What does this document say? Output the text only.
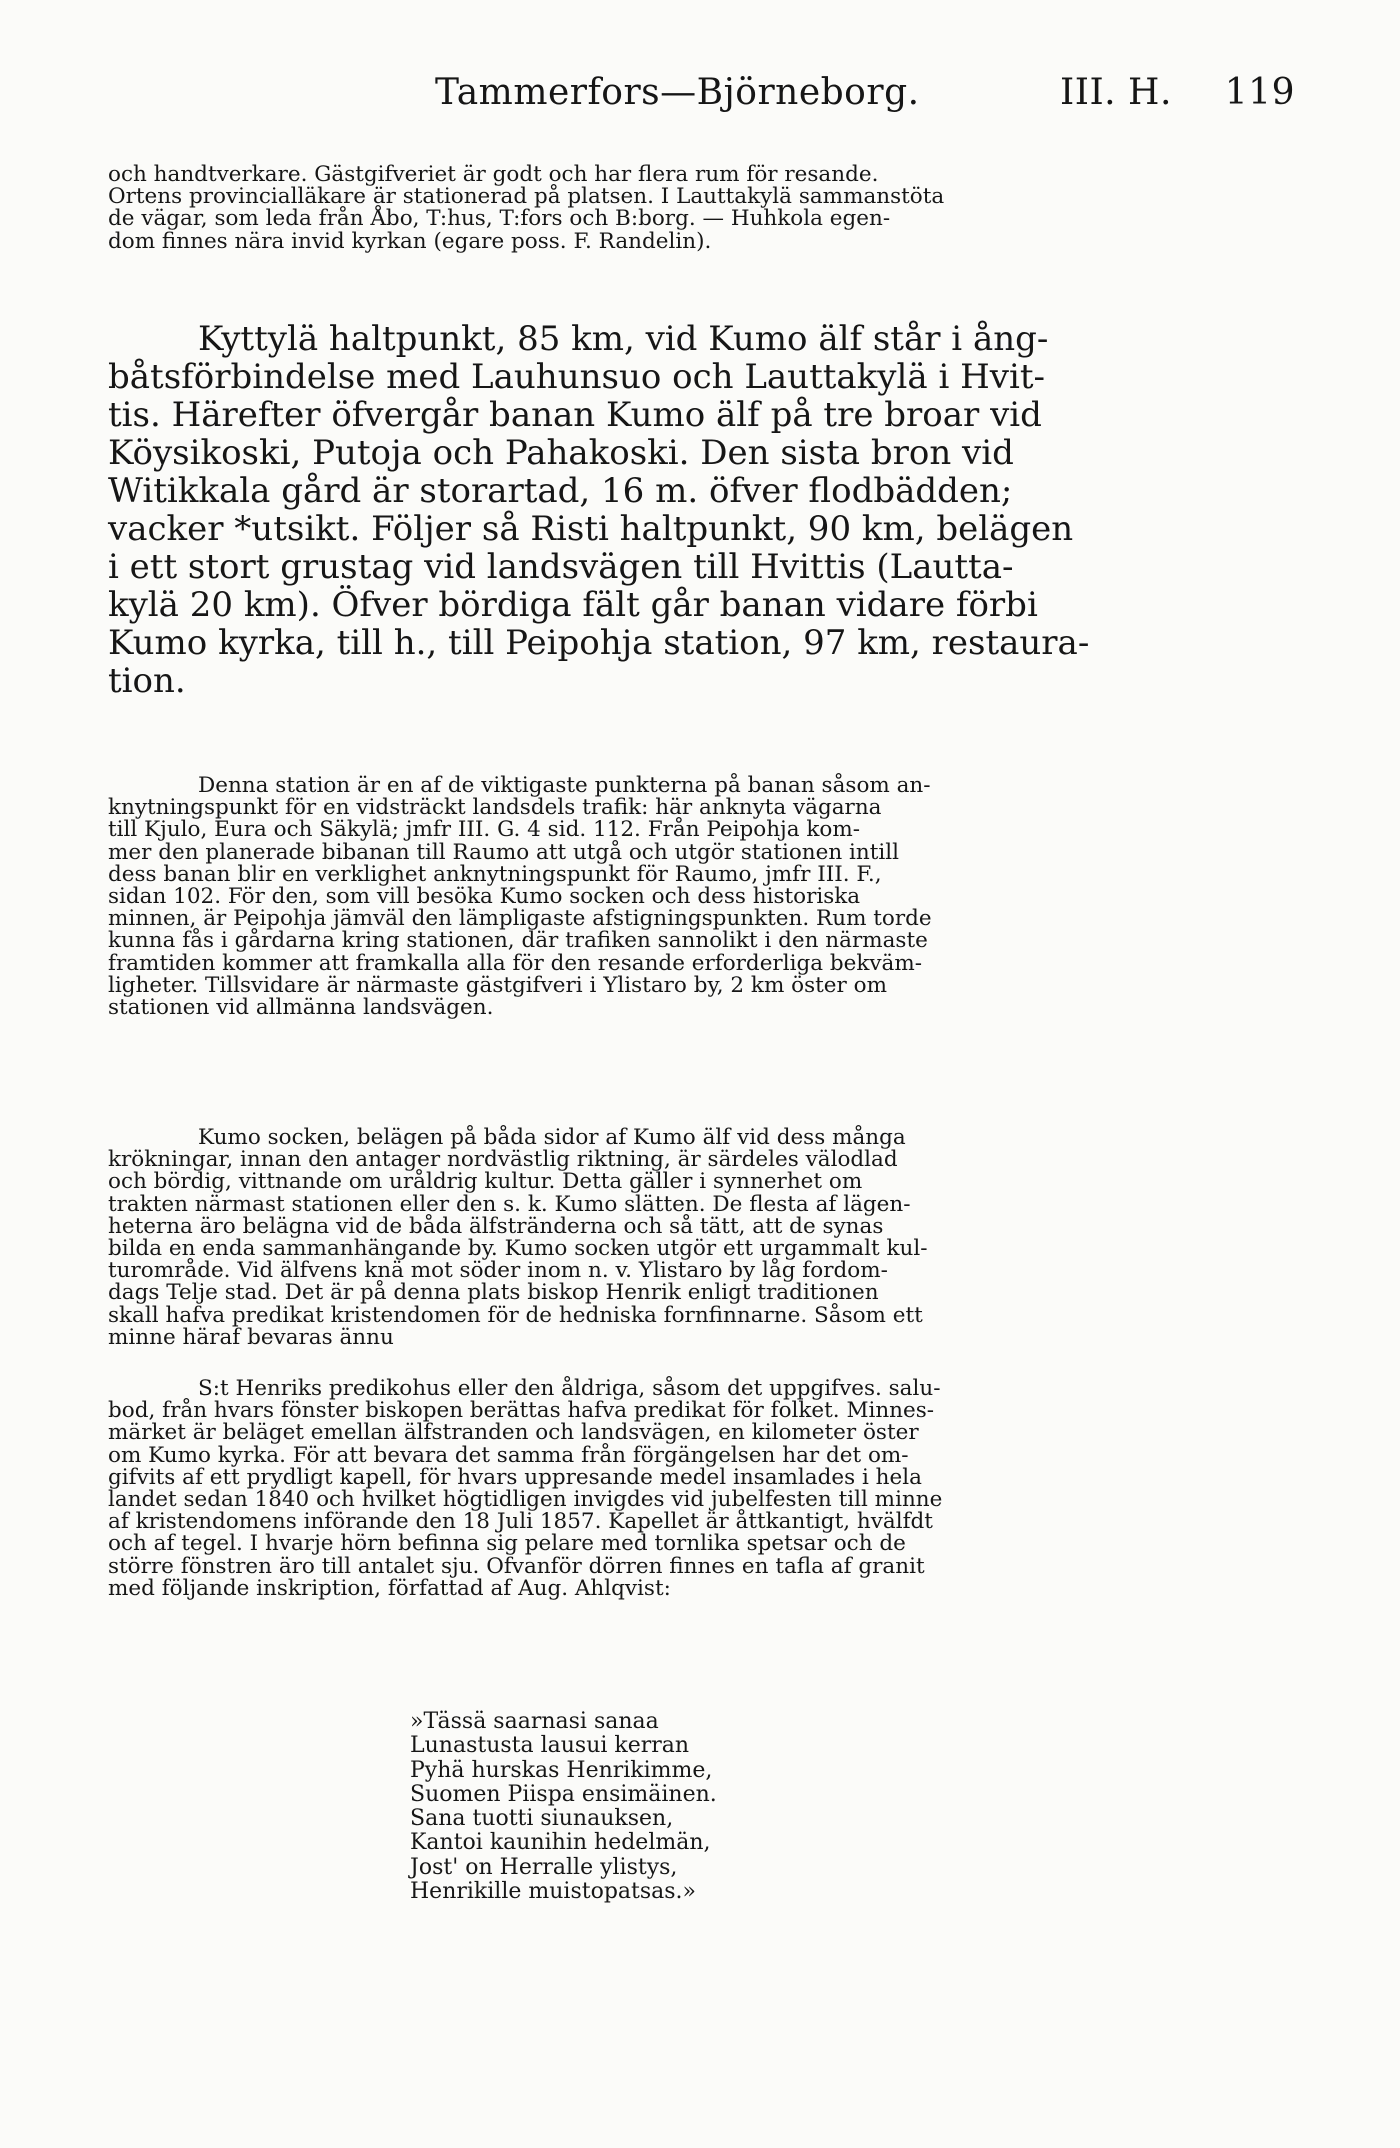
Tammerfors—Björneborg.	III. H. 119

och handtverkare. Gästgifveriet är godt och har flera rum för resande.
Ortens provincialläkare är stationerad på platsen. I Lauttakylä sammanstöta
de vägar, som leda från Åbo, T:hus, T:fors och B:borg. — Huhkola egen-
dom finnes nära invid kyrkan (egare poss. F. Randelin).

Kyttylä haltpunkt, 85 km, vid Kumo älf står i ång-
båtsförbindelse med Lauhunsuo och Lauttakylä i Hvit-
tis. Härefter öfvergår banan Kumo älf på tre broar vid
Köysikoski, Putoja och Pahakoski. Den sista bron vid
Witikkala gård är storartad, 16 m. öfver flodbädden;
vacker *utsikt. Följer så Risti haltpunkt, 90 km, belägen
i ett stort grustag vid landsvägen till Hvittis (Lautta-
kylä 20 km). Öfver bördiga fält går banan vidare förbi
Kumo kyrka, till h., till Peipohja station, 97 km, restaura-
tion.

Denna station är en af de viktigaste punkterna på banan såsom an-
knytningspunkt för en vidsträckt landsdels trafik: här anknyta vägarna
till Kjulo, Eura och Säkylä; jmfr III. G. 4 sid. 112. Från Peipohja kom-
mer den planerade bibanan till Raumo att utgå och utgör stationen intill
dess banan blir en verklighet anknytningspunkt för Raumo, jmfr III. F.,
sidan 102. För den, som vill besöka Kumo socken och dess historiska
minnen, är Peipohja jämväl den lämpligaste afstigningspunkten. Rum torde
kunna fås i gårdarna kring stationen, där trafiken sannolikt i den närmaste
framtiden kommer att framkalla alla för den resande erforderliga bekväm-
ligheter. Tillsvidare är närmaste gästgifveri i Ylistaro by, 2 km öster om
stationen vid allmänna landsvägen.

Kumo socken, belägen på båda sidor af Kumo älf vid dess många
krökningar, innan den antager nordvästlig riktning, är särdeles välodlad
och bördig, vittnande om uråldrig kultur. Detta gäller i synnerhet om
trakten närmast stationen eller den s. k. Kumo slätten. De flesta af lägen-
heterna äro belägna vid de båda älfstränderna och så tätt, att de synas
bilda en enda sammanhängande by. Kumo socken utgör ett urgammalt kul-
turområde. Vid älfvens knä mot söder inom n. v. Ylistaro by låg fordom-
dags Telje stad. Det är på denna plats biskop Henrik enligt traditionen
skall hafva predikat kristendomen för de hedniska fornfinnarne. Såsom ett
minne häraf bevaras ännu

S:t Henriks predikohus eller den åldriga, såsom det uppgifves. salu-
bod, från hvars fönster biskopen berättas hafva predikat för folket. Minnes-
märket är beläget emellan älfstranden och landsvägen, en kilometer öster
om Kumo kyrka. För att bevara det samma från förgängelsen har det om-
gifvits af ett prydligt kapell, för hvars uppresande medel insamlades i hela
landet sedan 1840 och hvilket högtidligen invigdes vid jubelfesten till minne
af kristendomens införande den 18 Juli 1857. Kapellet är åttkantigt, hvälfdt
och af tegel. I hvarje hörn befinna sig pelare med tornlika spetsar och de
större fönstren äro till antalet sju. Ofvanför dörren finnes en tafla af granit
med följande inskription, författad af Aug. Ahlqvist:

»Tässä saarnasi sanaa
Lunastusta lausui kerran
Pyhä hurskas Henrikimme,
Suomen Piispa ensimäinen.
Sana tuotti siunauksen,
Kantoi kaunihin hedelmän,
Jost' on Herralle ylistys,
Henrikille muistopatsas.»
